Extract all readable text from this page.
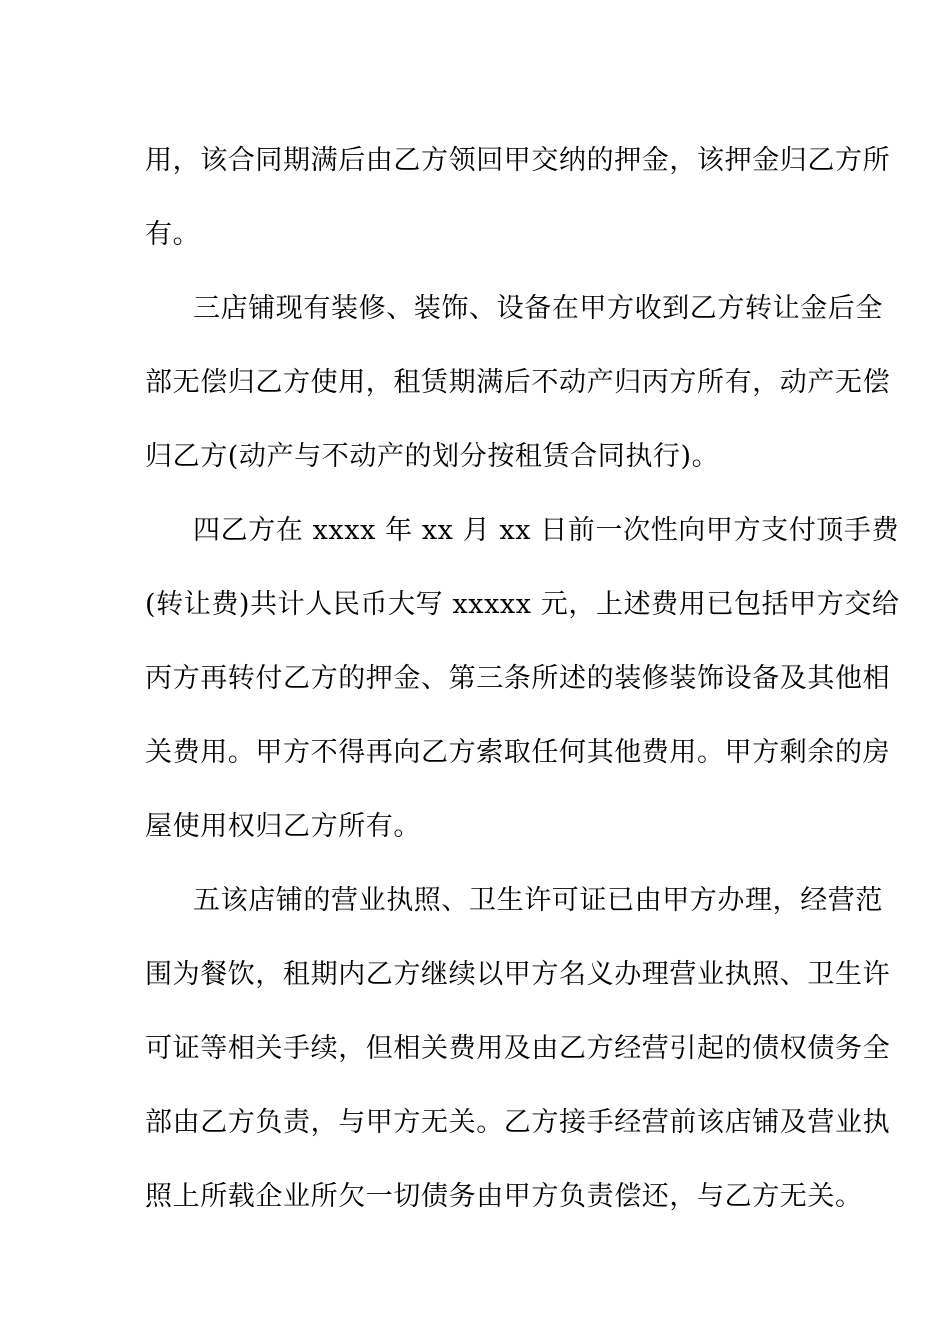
用，该合同期满后由乙方领回甲交纳的押金，该押金归乙方所
有。
三店铺现有装修、装饰、设备在甲方收到乙方转让金后全
部无偿归乙方使用，租赁期满后不动产归丙方所有，动产无偿
归乙方(动产与不动产的划分按租赁合同执行)。
四乙方在 xxxx 年 xx 月 xx 日前一次性向甲方支付顶手费
(转让费)共计人民币大写 xxxxx 元，上述费用已包括甲方交给
丙方再转付乙方的押金、第三条所述的装修装饰设备及其他相
关费用。甲方不得再向乙方索取任何其他费用。甲方剩余的房
屋使用权归乙方所有。
五该店铺的营业执照、卫生许可证已由甲方办理，经营范
围为餐饮，租期内乙方继续以甲方名义办理营业执照、卫生许
可证等相关手续，但相关费用及由乙方经营引起的债权债务全
部由乙方负责，与甲方无关。乙方接手经营前该店铺及营业执
照上所载企业所欠一切债务由甲方负责偿还，与乙方无关。
